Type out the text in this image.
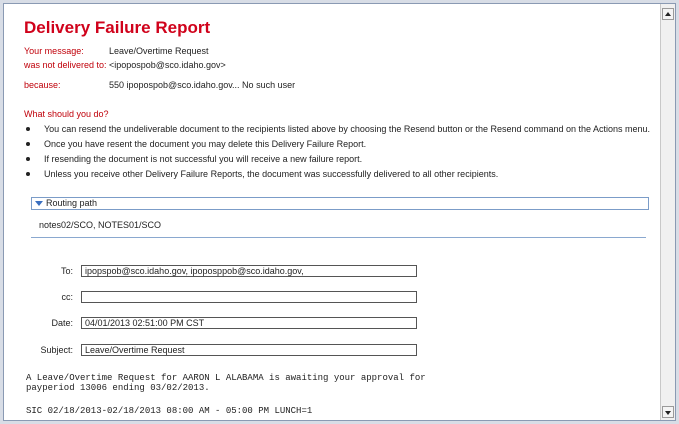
Delivery Failure Report
Your message:	Leave/Overtime Request
was not delivered to: <ipopospob@sco.idaho.gov>
because:	550 ipopospob@sco.idaho.gov... No such user
What should you do?
You can resend the undeliverable document to the recipients listed above by choosing the Resend button or the Resend command on the Actions menu.
Once you have resent the document you may delete this Delivery Failure Report.
If resending the document is not successful you will receive a new failure report.
Unless you receive other Delivery Failure Reports, the document was successfully delivered to all other recipients.
Routing path
notes02/SCO, NOTES01/SCO
To:	ipopspob@sco.idaho.gov, ipoposppob@sco.idaho.gov,
cc:
Date:	04/01/2013 02:51:00 PM CST
Subject:	Leave/Overtime Request
A Leave/Overtime Request for AARON L ALABAMA is awaiting your approval for
payperiod 13006 ending 03/02/2013.
SIC 02/18/2013-02/18/2013 08:00 AM - 05:00 PM LUNCH=1
